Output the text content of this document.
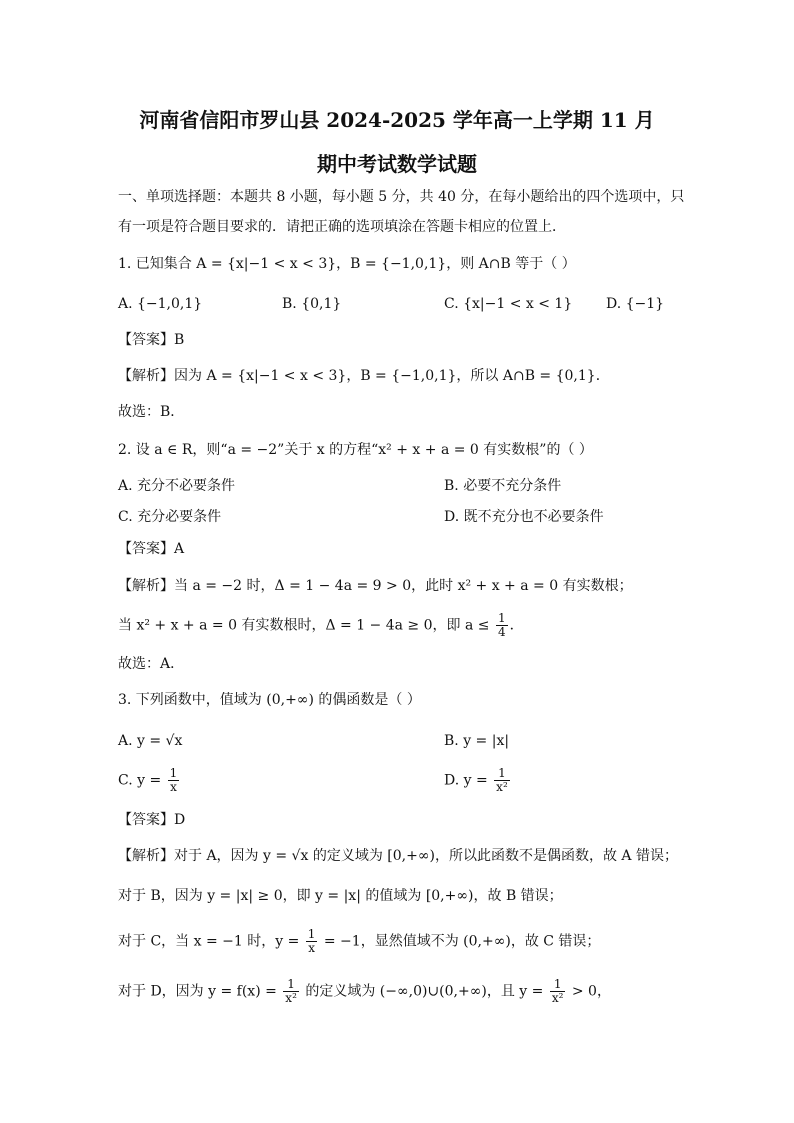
河南省信阳市罗山县 2024-2025 学年高一上学期 11 月
期中考试数学试题
一、单项选择题：本题共 8 小题，每小题 5 分，共 40 分，在每小题给出的四个选项中，只
有一项是符合题目要求的．请把正确的选项填涂在答题卡相应的位置上．
1. 已知集合 A = {x|−1 < x < 3}，B = {−1,0,1}，则 A∩B 等于（ ）
A. {−1,0,1}	B. {0,1}	C. {x|−1 < x < 1} D. {−1}
【答案】B
【解析】因为 A = {x|−1 < x < 3}，B = {−1,0,1}，所以 A∩B = {0,1}．
故选：B．
2. 设 a ∈ R，则“a = −2”关于 x 的方程“x² + x + a = 0 有实数根”的（ ）
A. 充分不必要条件	B. 必要不充分条件
C. 充分必要条件	D. 既不充分也不必要条件
【答案】A
【解析】当 a = −2 时，Δ = 1 − 4a = 9 > 0，此时 x² + x + a = 0 有实数根；
当 x² + x + a = 0 有实数根时，Δ = 1 − 4a ≥ 0，即 $a \le \frac{1}{4}$ ．
故选：A．
3. 下列函数中，值域为 (0,+∞) 的偶函数是（ ）
A. y = √x	B. y = |x|
C. $y = \frac{1}{x}$	D. $y = \frac{1}{\text{x²}}$
【答案】D
【解析】对于 A，因为 y = √x 的定义域为 [0,+∞)，所以此函数不是偶函数，故 A 错误；
对于 B，因为 y = |x| ≥ 0，即 y = |x| 的值域为 [0,+∞)，故 B 错误；
对于 C，当 x = −1 时，$y = \frac{1}{x} = -1$，显然值域不为 (0,+∞)，故 C 错误；
对于 D，因为 $y = f(x) = \frac{1}{\text{x²}}$ 的定义域为 (−∞,0)∪(0,+∞)，且 $y = \frac{1}{\text{x²}} > 0$，
